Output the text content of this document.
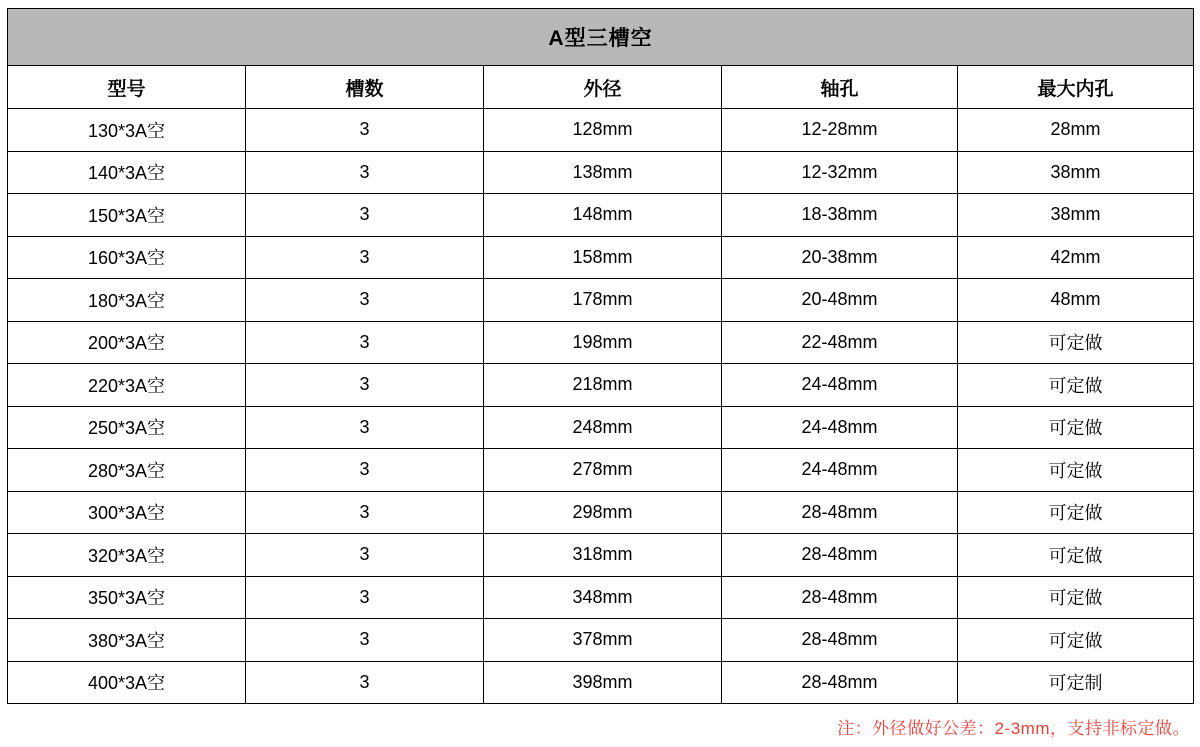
A型三槽空				
型号	槽数	外径	轴孔	最大内孔
130*3A空	3	128mm	12-28mm	28mm
140*3A空	3	138mm	12-32mm	38mm
150*3A空	3	148mm	18-38mm	38mm
160*3A空	3	158mm	20-38mm	42mm
180*3A空	3	178mm	20-48mm	48mm
200*3A空	3	198mm	22-48mm	可定做
220*3A空	3	218mm	24-48mm	可定做
250*3A空	3	248mm	24-48mm	可定做
280*3A空	3	278mm	24-48mm	可定做
300*3A空	3	298mm	28-48mm	可定做
320*3A空	3	318mm	28-48mm	可定做
350*3A空	3	348mm	28-48mm	可定做
380*3A空	3	378mm	28-48mm	可定做
400*3A空	3	398mm	28-48mm	可定制
注：外径做好公差：2-3mm，支持非标定做。
